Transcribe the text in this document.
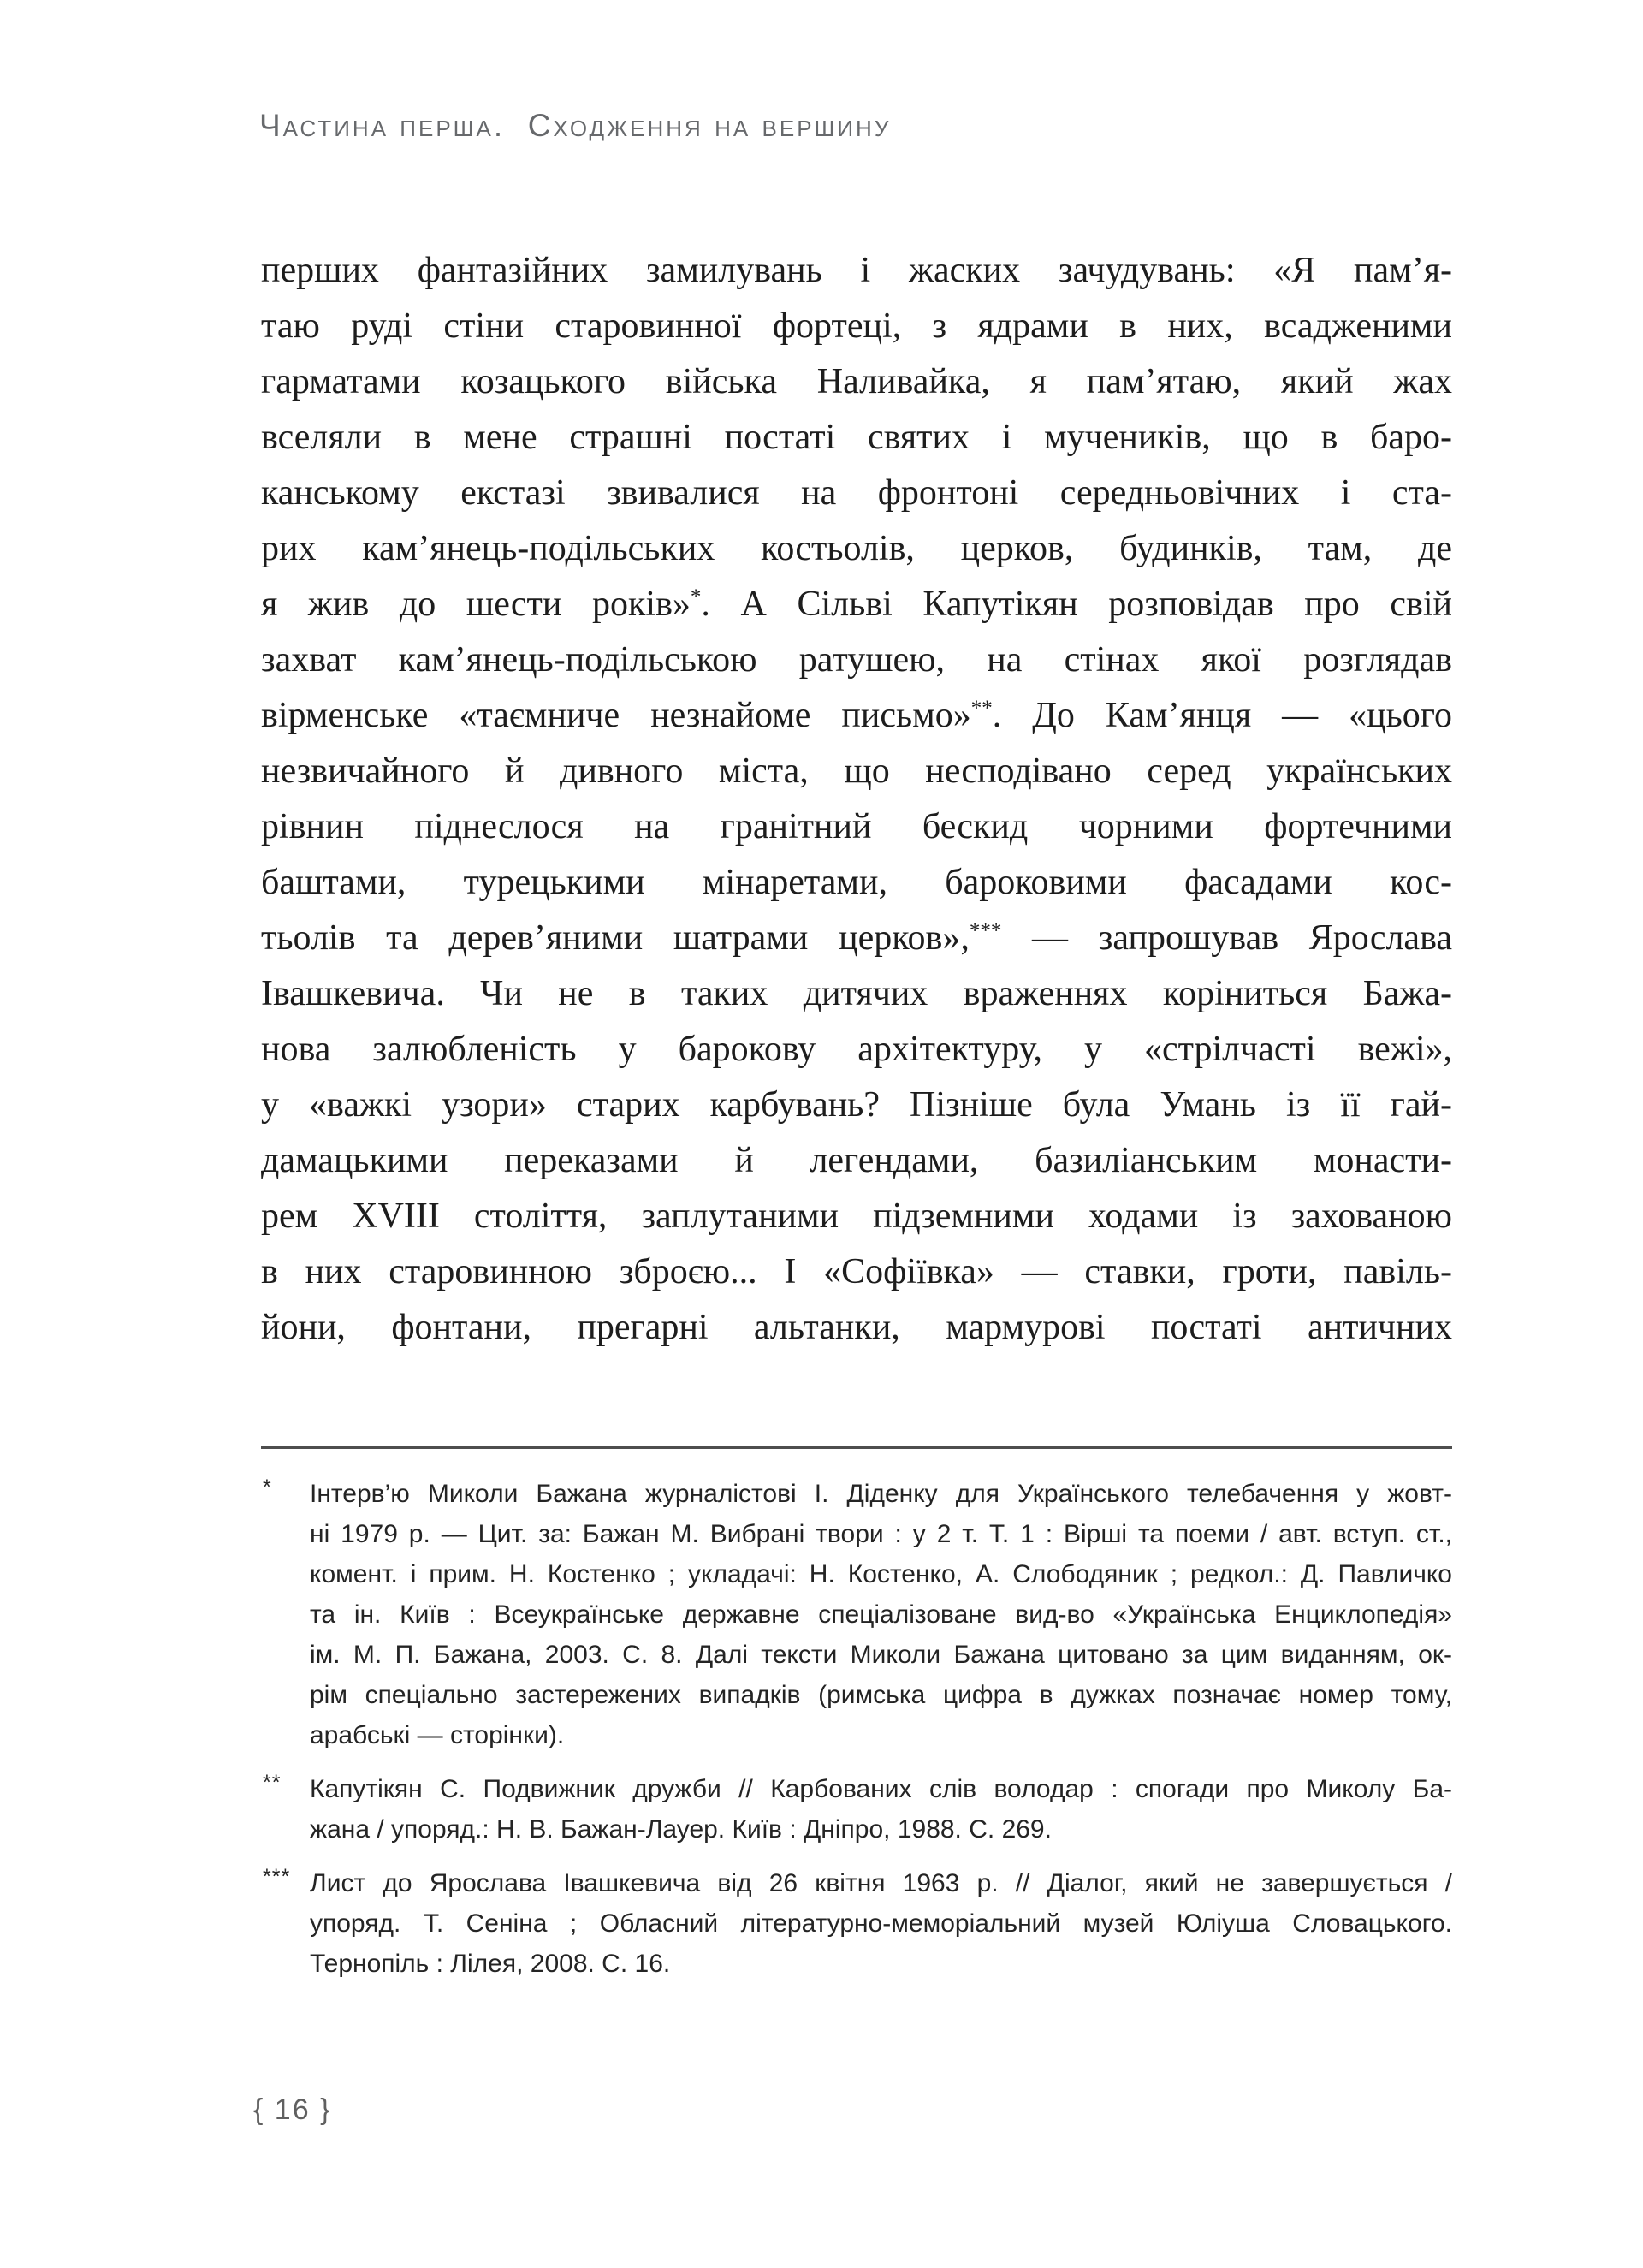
Частина перша.  Сходження на вершину
перших фантазійних замилувань і жаских зачудувань: «Я пам’я-
таю руді стіни старовинної фортеці, з ядрами в них, всадженими
гарматами козацького війська Наливайка, я пам’ятаю, який жах
вселяли в мене страшні постаті святих і мучеників, що в баро-
канському екстазі звивалися на фронтоні середньовічних і ста-
рих кам’янець-подільських костьолів, церков, будинків, там, де
я жив до шести років»*. А Сільві Капутікян розповідав про свій
захват кам’янець-подільською ратушею, на стінах якої розглядав
вірменське «таємниче незнайоме письмо»**. До Кам’янця — «цього
незвичайного й дивного міста, що несподівано серед українських
рівнин піднеслося на гранітний бескид чорними фортечними
баштами, турецькими мінаретами, бароковими фасадами кос-
тьолів та дерев’яними шатрами церков»,*** — запрошував Ярослава
Івашкевича. Чи не в таких дитячих враженнях коріниться Бажа-
нова залюбленість у барокову архітектуру, у «стрілчасті вежі»,
у «важкі узори» старих карбувань? Пізніше була Умань із її гай-
дамацькими переказами й легендами, базиліанським монасти-
рем XVIII століття, заплутаними підземними ходами із захованою
в них старовинною зброєю... І «Софіївка» — ставки, гроти, павіль-
йони, фонтани, прегарні альтанки, мармурові постаті античних
* Інтерв’ю Миколи Бажана журналістові І. Діденку для Українського телебачення у жовт-
ні 1979 р. — Цит. за: Бажан М. Вибрані твори : у 2 т. Т. 1 : Вірші та поеми / авт. вступ. ст.,
комент. і прим. Н. Костенко ; укладачі: Н. Костенко, А. Слободяник ; редкол.: Д. Павличко
та ін. Київ : Всеукраїнське державне спеціалізоване вид-во «Українська Енциклопедія»
ім. М. П. Бажана, 2003. С. 8. Далі тексти Миколи Бажана цитовано за цим виданням, ок-
рім спеціально застережених випадків (римська цифра в дужках позначає номер тому,
арабські — сторінки).
** Капутікян С. Подвижник дружби // Карбованих слів володар : спогади про Миколу Ба-
жана / упоряд.: Н. В. Бажан-Лауер. Київ : Дніпро, 1988. С. 269.
*** Лист до Ярослава Івашкевича від 26 квітня 1963 р. // Діалог, який не завершується /
упоряд. Т. Сеніна ; Обласний літературно-меморіальний музей Юліуша Словацького.
Тернопіль : Лілея, 2008. С. 16.
{ 16 }
